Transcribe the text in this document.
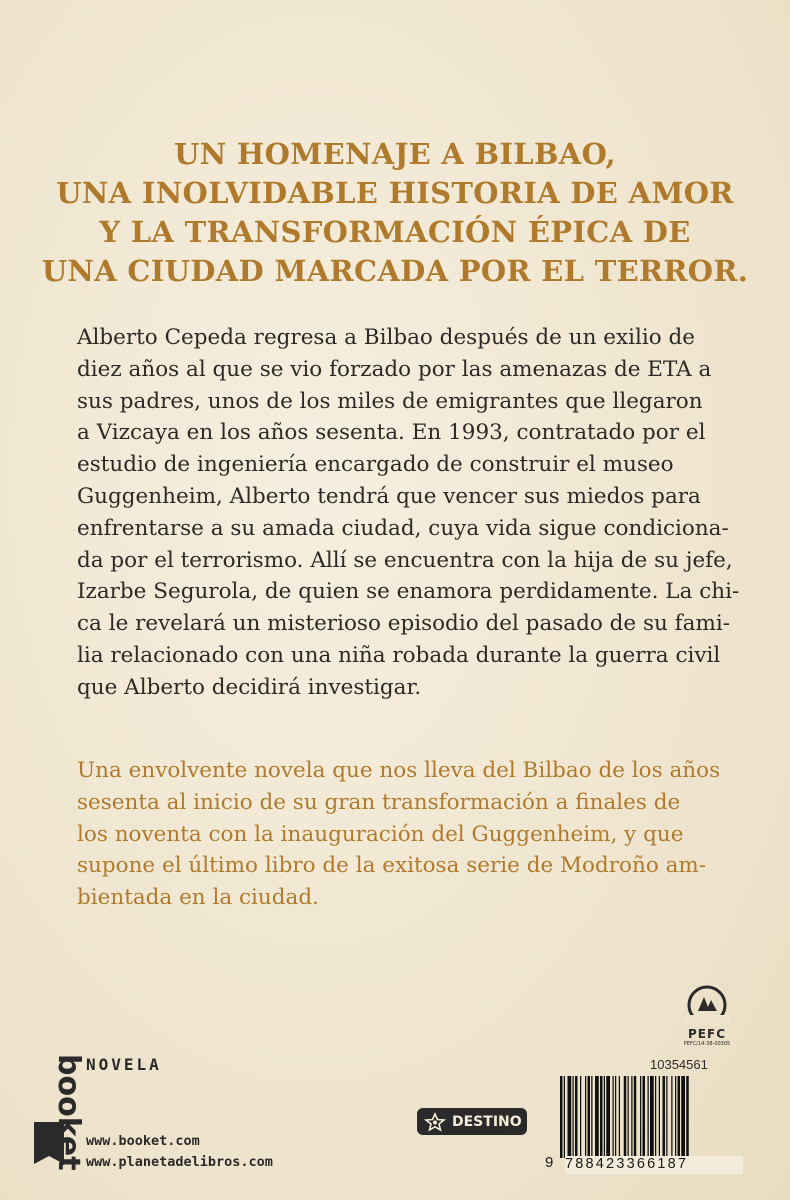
UN HOMENAJE A BILBAO,
UNA INOLVIDABLE HISTORIA DE AMOR
Y LA TRANSFORMACIÓN ÉPICA DE
UNA CIUDAD MARCADA POR EL TERROR.
Alberto Cepeda regresa a Bilbao después de un exilio de
diez años al que se vio forzado por las amenazas de ETA a
sus padres, unos de los miles de emigrantes que llegaron
a Vizcaya en los años sesenta. En 1993, contratado por el
estudio de ingeniería encargado de construir el museo
Guggenheim, Alberto tendrá que vencer sus miedos para
enfrentarse a su amada ciudad, cuya vida sigue condiciona-
da por el terrorismo. Allí se encuentra con la hija de su jefe,
Izarbe Segurola, de quien se enamora perdidamente. La chi-
ca le revelará un misterioso episodio del pasado de su fami-
lia relacionado con una niña robada durante la guerra civil
que Alberto decidirá investigar.
Una envolvente novela que nos lleva del Bilbao de los años
sesenta al inicio de su gran transformación a finales de
los noventa con la inauguración del Guggenheim, y que
supone el último libro de la exitosa serie de Modroño am-
bientada en la ciudad.
booket NOVELA
www.booket.com
www.planetadelibros.com
DESTINO
PEFC
PEFC/14-38-00305
10354561
9 788423366187
